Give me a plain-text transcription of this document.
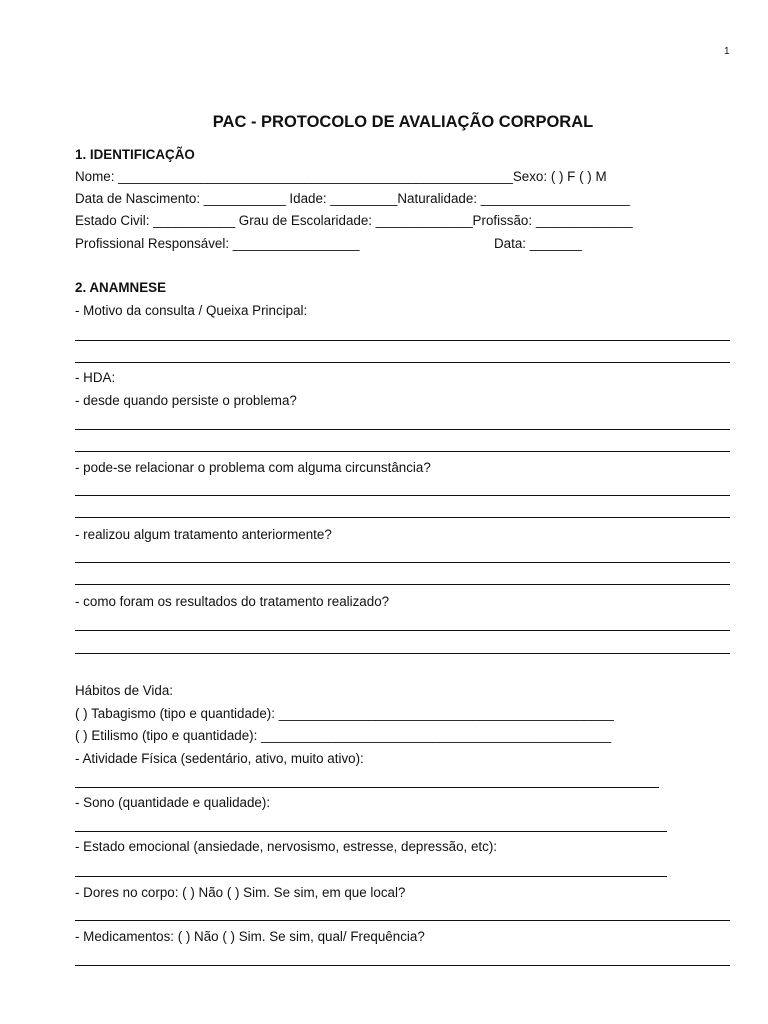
1
PAC - PROTOCOLO DE AVALIAÇÃO CORPORAL
1. IDENTIFICAÇÃO
Nome: _____________________________________________________Sexo: ( ) F ( ) M
Data de Nascimento: ___________ Idade: _________Naturalidade: ____________________
Estado Civil: ___________ Grau de Escolaridade: _____________Profissão: _____________
Profissional Responsável: _________________	Data: _______
2. ANAMNESE
- Motivo da consulta / Queixa Principal:
- HDA:
- desde quando persiste o problema?
- pode-se relacionar o problema com alguma circunstância?
- realizou algum tratamento anteriormente?
- como foram os resultados do tratamento realizado?
Hábitos de Vida:
( ) Tabagismo (tipo e quantidade): _____________________________________________
( ) Etilismo (tipo e quantidade): _______________________________________________
- Atividade Física (sedentário, ativo, muito ativo):
- Sono (quantidade e qualidade):
- Estado emocional (ansiedade, nervosismo, estresse, depressão, etc):
- Dores no corpo: ( ) Não ( ) Sim. Se sim, em que local?
- Medicamentos: ( ) Não ( ) Sim. Se sim, qual/ Frequência?
